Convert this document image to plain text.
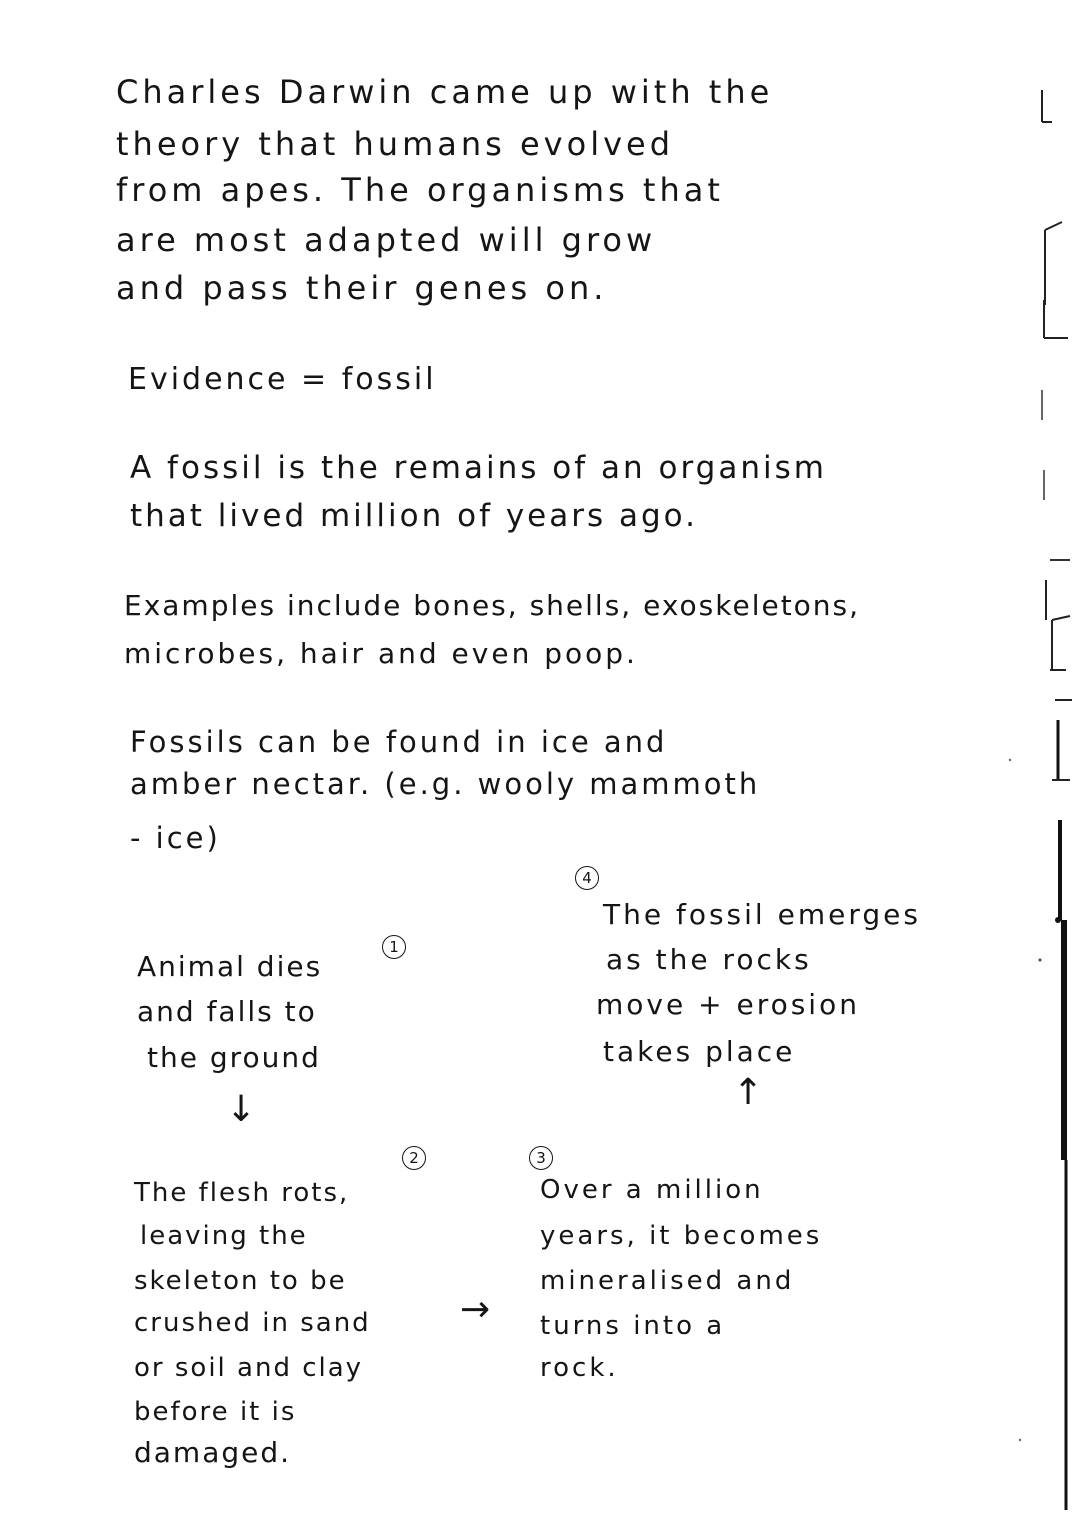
Charles Darwin came up with the
theory that humans evolved
from apes. The organisms that
are most adapted will grow
and pass their genes on.
Evidence = fossil
A fossil is the remains of an organism
that lived million of years ago.
Examples include bones, shells, exoskeletons,
microbes, hair and even poop.
Fossils can be found in ice and
amber nectar. (e.g. wooly mammoth
- ice)
1
Animal dies
and falls to
the ground
↓
2
The flesh rots,
leaving the
skeleton to be
crushed in sand
or soil and clay
before it is
damaged.
→
3
Over a million
years, it becomes
mineralised and
turns into a
rock.
↑
4
The fossil emerges
as the rocks
move + erosion
takes place
